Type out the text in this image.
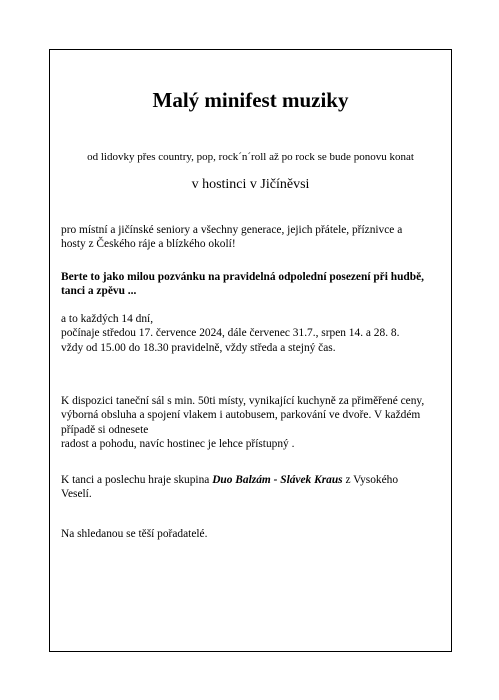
Malý minifest muziky
od lidovky přes country, pop, rock´n´roll až po rock se bude ponovu konat
v hostinci v Jičíněvsi
pro místní a jičínské seniory a všechny generace, jejich přátele, příznivce a
hosty z Českého ráje a blízkého okolí!
Berte to jako milou pozvánku na pravidelná odpolední posezení při hudbě,
tanci a zpěvu ...
a to každých 14 dní,
počínaje středou 17. července 2024, dále červenec 31.7., srpen 14. a 28. 8.
vždy od 15.00 do 18.30 pravidelně, vždy středa a stejný čas.
K dispozici taneční sál s min. 50ti místy, vynikající kuchyně za přiměřené ceny,
výborná obsluha a spojení vlakem i autobusem, parkování ve dvoře. V každém
případě si odnesete
radost a pohodu, navíc hostinec je lehce přístupný .
K tanci a poslechu hraje skupina Duo Balzám - Slávek Kraus z Vysokého
Veselí.
Na shledanou se těší pořadatelé.
